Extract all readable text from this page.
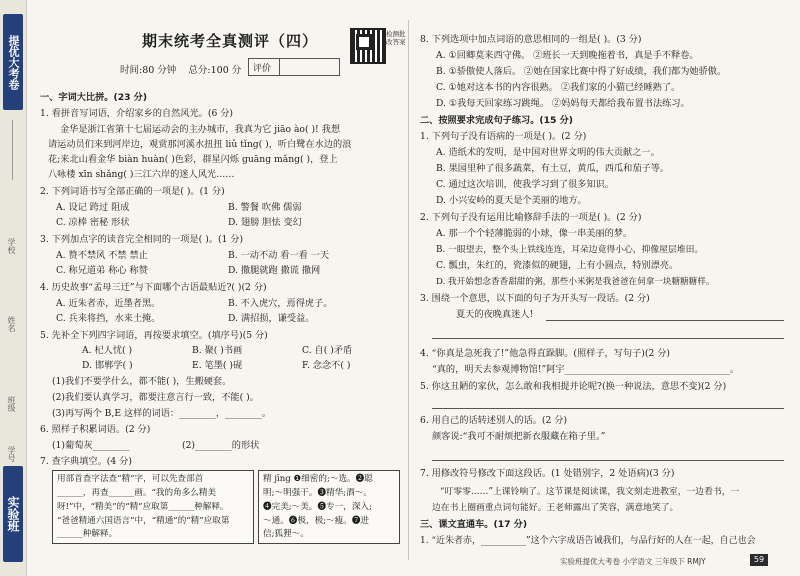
提优大考卷
学校
姓名
班级
学号
实验班
期末统考全真测评（四）	检测批改答案
时间:80 分钟 总分:100 分 评价
一、字词大比拼。(23 分)
1. 看拼音写词语，介绍家乡的自然风光。(6 分)
金华是浙江省第十七届运动会的主办城市，我真为它 jiāo ào( )! 我想
请运动员们来到河岸边，观赏那河溪水扭扭 liǔ tǐng( )，听白鹭在水边的浪
花;来北山看金华 biàn huàn( )色彩，群星闪烁 guāng mǎng( )，登上
八咏楼 xīn shǎng( )三江六岸的迷人风光……
2. 下列词语书写全部正确的一项是( )。(1 分)
A. 设记 跨过 阻成	B. 警餐 吹佛 儒弱
C. 凉棒 密秘 形状	D. 翅膀 胆怯 变幻
3. 下列加点字的读音完全相同的一项是( )。(1 分)
A. 赞不禁风 不禁 禁止	B. 一动不动 看一看 一天
C. 称兄道弟 称心 称赞	D. 撒腿就跑 撒谎 撒网
4. 历史故事“孟母三迁”与下面哪个古语最贴近?( )(2 分)
A. 近朱者赤，近墨者黑。	B. 不入虎穴，焉得虎子。
C. 兵来将挡，水来土掩。	D. 满招损，谦受益。
5. 先补全下列四字词语，再按要求填空。(填序号)(5 分)
A. 杞人忧( )	B. 聚( )书画	C. 自( )矛盾
D. 邯郸学( )	E. 笔墨( )砚	F. 念念不( )
(1)我们不要学什么，都不能( )，生搬硬套。
(2)我们要认真学习，都要注意言行一致，不能( )。
(3)再写两个 B,E 这样的词语：________，________。
6. 照样子积累词语。(2 分)
(1)葡萄灰________	(2)________的形状
7. 查字典填空。(4 分)
用部首查字法查“精”字，可以先查部首
______，再查______画。“我的角多么精美
呀!”中，“精美”的“精”应取第______种解释。
“爸爸精通六国语言”中，“精通”的“精”应取第
______种解释。
精 jīng ❶细密的;～选。❷聪
明;～明强干。❸精华;酒～。
❹完美;～美。❺专一，深入;
～通。❻极，极;～瘦。❼进
信;狐狸～。
8. 下列选项中加点词语的意思相同的一组是( )。(3 分)
A. ①回卿莫来西守佛。 ②班长一天到晚拖着书，真是手不释卷。
B. ①骄傲使人落后。 ②她在国家比赛中得了好成绩，我们都为她骄傲。
C. ①她对这本书的内容很熟。 ②我们家的小猫已经睡熟了。
D. ①我每天回家练习跳绳。 ②妈妈每天都给我布置书法练习。
二、按照要求完成句子练习。(15 分)
1. 下列句子没有语病的一项是( )。(2 分)
A. 造纸术的发明，是中国对世界文明的伟大贡献之一。
B. 果园里种了很多蔬菜，有土豆，黄瓜，西瓜和茄子等。
C. 通过这次培训，使我学习到了很多知识。
D. 小兴安岭的夏天是个美丽的地方。
2. 下列句子没有运用比喻修辞手法的一项是( )。(2 分)
A. 那一个个轻薄脆弱的小球，像一串美丽的梦。
B. 一眼望去，整个头上铁线连连，耳朵边竟得小心，抑像屋层堆田。
C. 瓢虫，朱红的，瓷漆似的硬翅，上有小圆点，特别漂亮。
D. 我开始想念香香甜甜的粥，那些小米粥是我爸爸在伺拿一块糖糖糖样。
3. 围绕一个意思，以下面的句子为开头写一段话。(2 分)
夏天的夜晚真迷人!
4. “你真是急死我了!”他急得直跺脚。(照样子，写句子)(2 分)
“真的，明天去参观博物馆!”阿宇____________________________________。
5. 你这丑陋的家伙，怎么敢和我相提并论呢?(换一种说法，意思不变)(2 分)
6. 用自己的话转述别人的话。(2 分)
颜客说:“我可不耐烦把新衣服藏在箱子里。”
7. 用修改符号修改下面这段话。(1 处错别字，2 处语病)(3 分)
“叮零零……”上课铃响了。这节课是阅读课，我文刻走进教室，一边看书，一
边在书上圈画重点词句能好。王老师露出了笑容，满意地笑了。
三、课文直通车。(17 分)
1. “近朱者赤，__________”这个六字成语告诫我们，与品行好的人在一起，自己也会
实验班提优大考卷 小学语文 三年级下 RMJY	59
